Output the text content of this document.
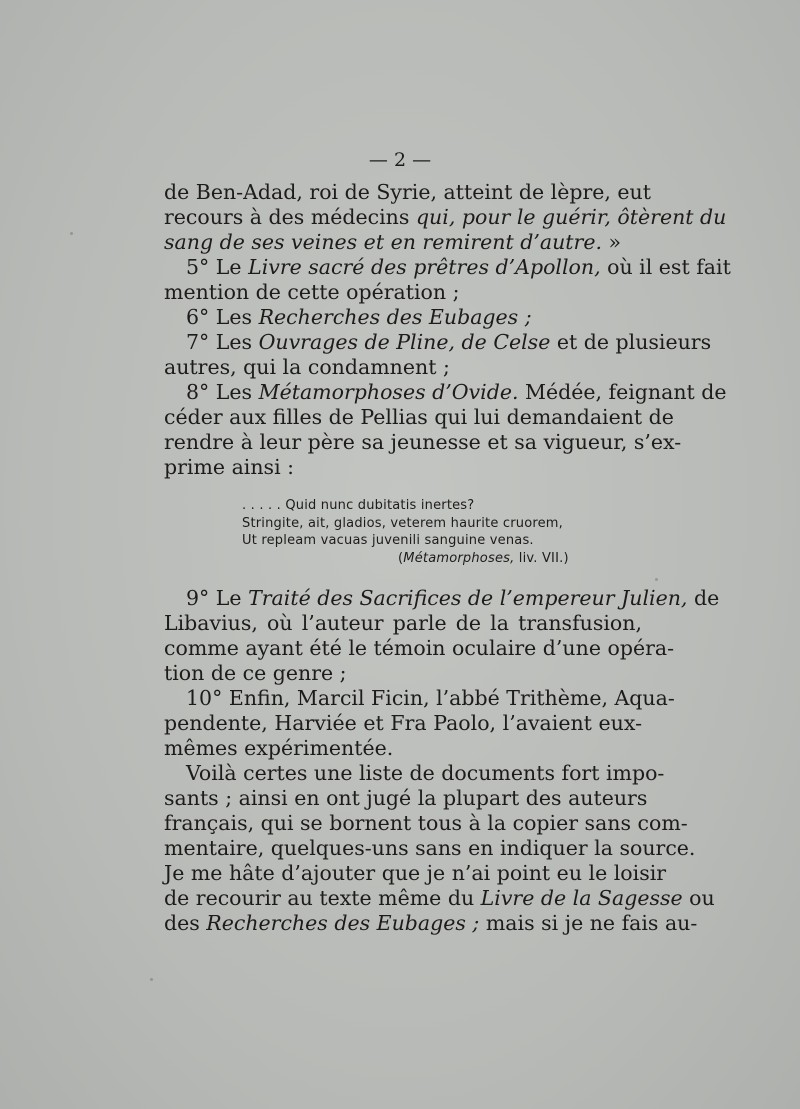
— 2 —
de Ben-Adad, roi de Syrie, atteint de lèpre, eut
recours à des médecins qui, pour le guérir, ôtèrent du
sang de ses veines et en remirent d’autre. »
5° Le Livre sacré des prêtres d’Apollon, où il est fait
mention de cette opération ;
6° Les Recherches des Eubages ;
7° Les Ouvrages de Pline, de Celse et de plusieurs
autres, qui la condamnent ;
8° Les Métamorphoses d’Ovide. Médée, feignant de
céder aux filles de Pellias qui lui demandaient de
rendre à leur père sa jeunesse et sa vigueur, s’ex-
prime ainsi :
. . . . . Quid nunc dubitatis inertes?
Stringite, ait, gladios, veterem haurite cruorem,
Ut repleam vacuas juvenili sanguine venas.
(Métamorphoses, liv. VII.)
9° Le Traité des Sacrifices de l’empereur Julien, de
Libavius, où l’auteur parle de la transfusion,
comme ayant été le témoin oculaire d’une opéra-
tion de ce genre ;
10° Enfin, Marcil Ficin, l’abbé Trithème, Aqua-
pendente, Harviée et Fra Paolo, l’avaient eux-
mêmes expérimentée.
Voilà certes une liste de documents fort impo-
sants ; ainsi en ont jugé la plupart des auteurs
français, qui se bornent tous à la copier sans com-
mentaire, quelques-uns sans en indiquer la source.
Je me hâte d’ajouter que je n’ai point eu le loisir
de recourir au texte même du Livre de la Sagesse ou
des Recherches des Eubages ; mais si je ne fais au-
